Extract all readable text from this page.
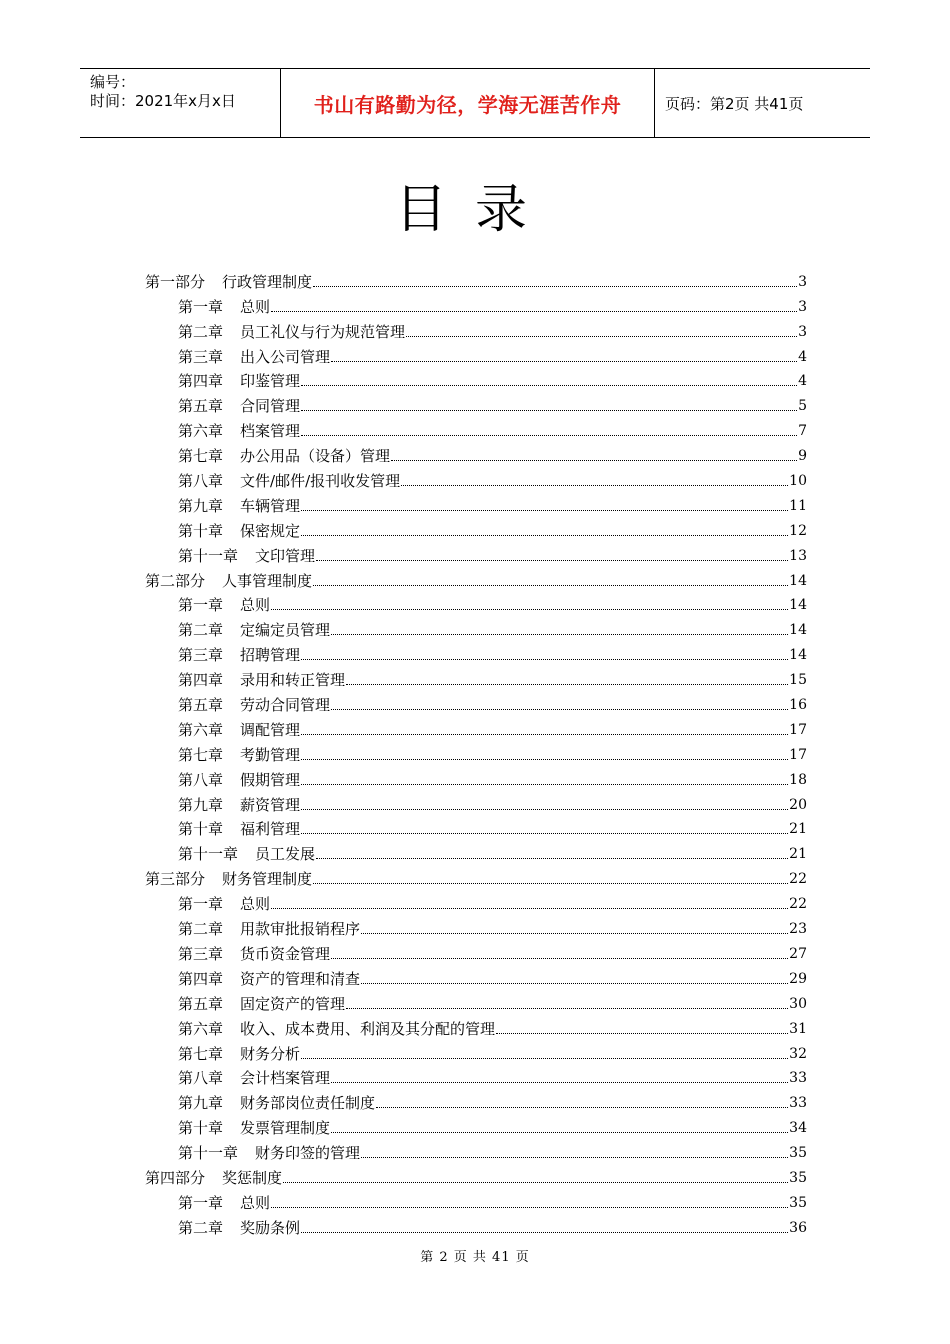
编号：
时间：2021年x月x日	书山有路勤为径，学海无涯苦作舟	页码：第2页 共41页
目录
第一部分 行政管理制度	3
第一章 总则	3
第二章 员工礼仪与行为规范管理	3
第三章 出入公司管理	4
第四章 印鉴管理	4
第五章 合同管理	5
第六章 档案管理	7
第七章 办公用品（设备）管理	9
第八章 文件/邮件/报刊收发管理	10
第九章 车辆管理	11
第十章 保密规定	12
第十一章 文印管理	13
第二部分 人事管理制度	14
第一章 总则	14
第二章 定编定员管理	14
第三章 招聘管理	14
第四章 录用和转正管理	15
第五章 劳动合同管理	16
第六章 调配管理	17
第七章 考勤管理	17
第八章 假期管理	18
第九章 薪资管理	20
第十章 福利管理	21
第十一章 员工发展	21
第三部分 财务管理制度	22
第一章 总则	22
第二章 用款审批报销程序	23
第三章 货币资金管理	27
第四章 资产的管理和清查	29
第五章 固定资产的管理	30
第六章 收入、成本费用、利润及其分配的管理	31
第七章 财务分析	32
第八章 会计档案管理	33
第九章 财务部岗位责任制度	33
第十章 发票管理制度	34
第十一章 财务印签的管理	35
第四部分 奖惩制度	35
第一章 总则	35
第二章 奖励条例	36
第 2 页 共 41 页
